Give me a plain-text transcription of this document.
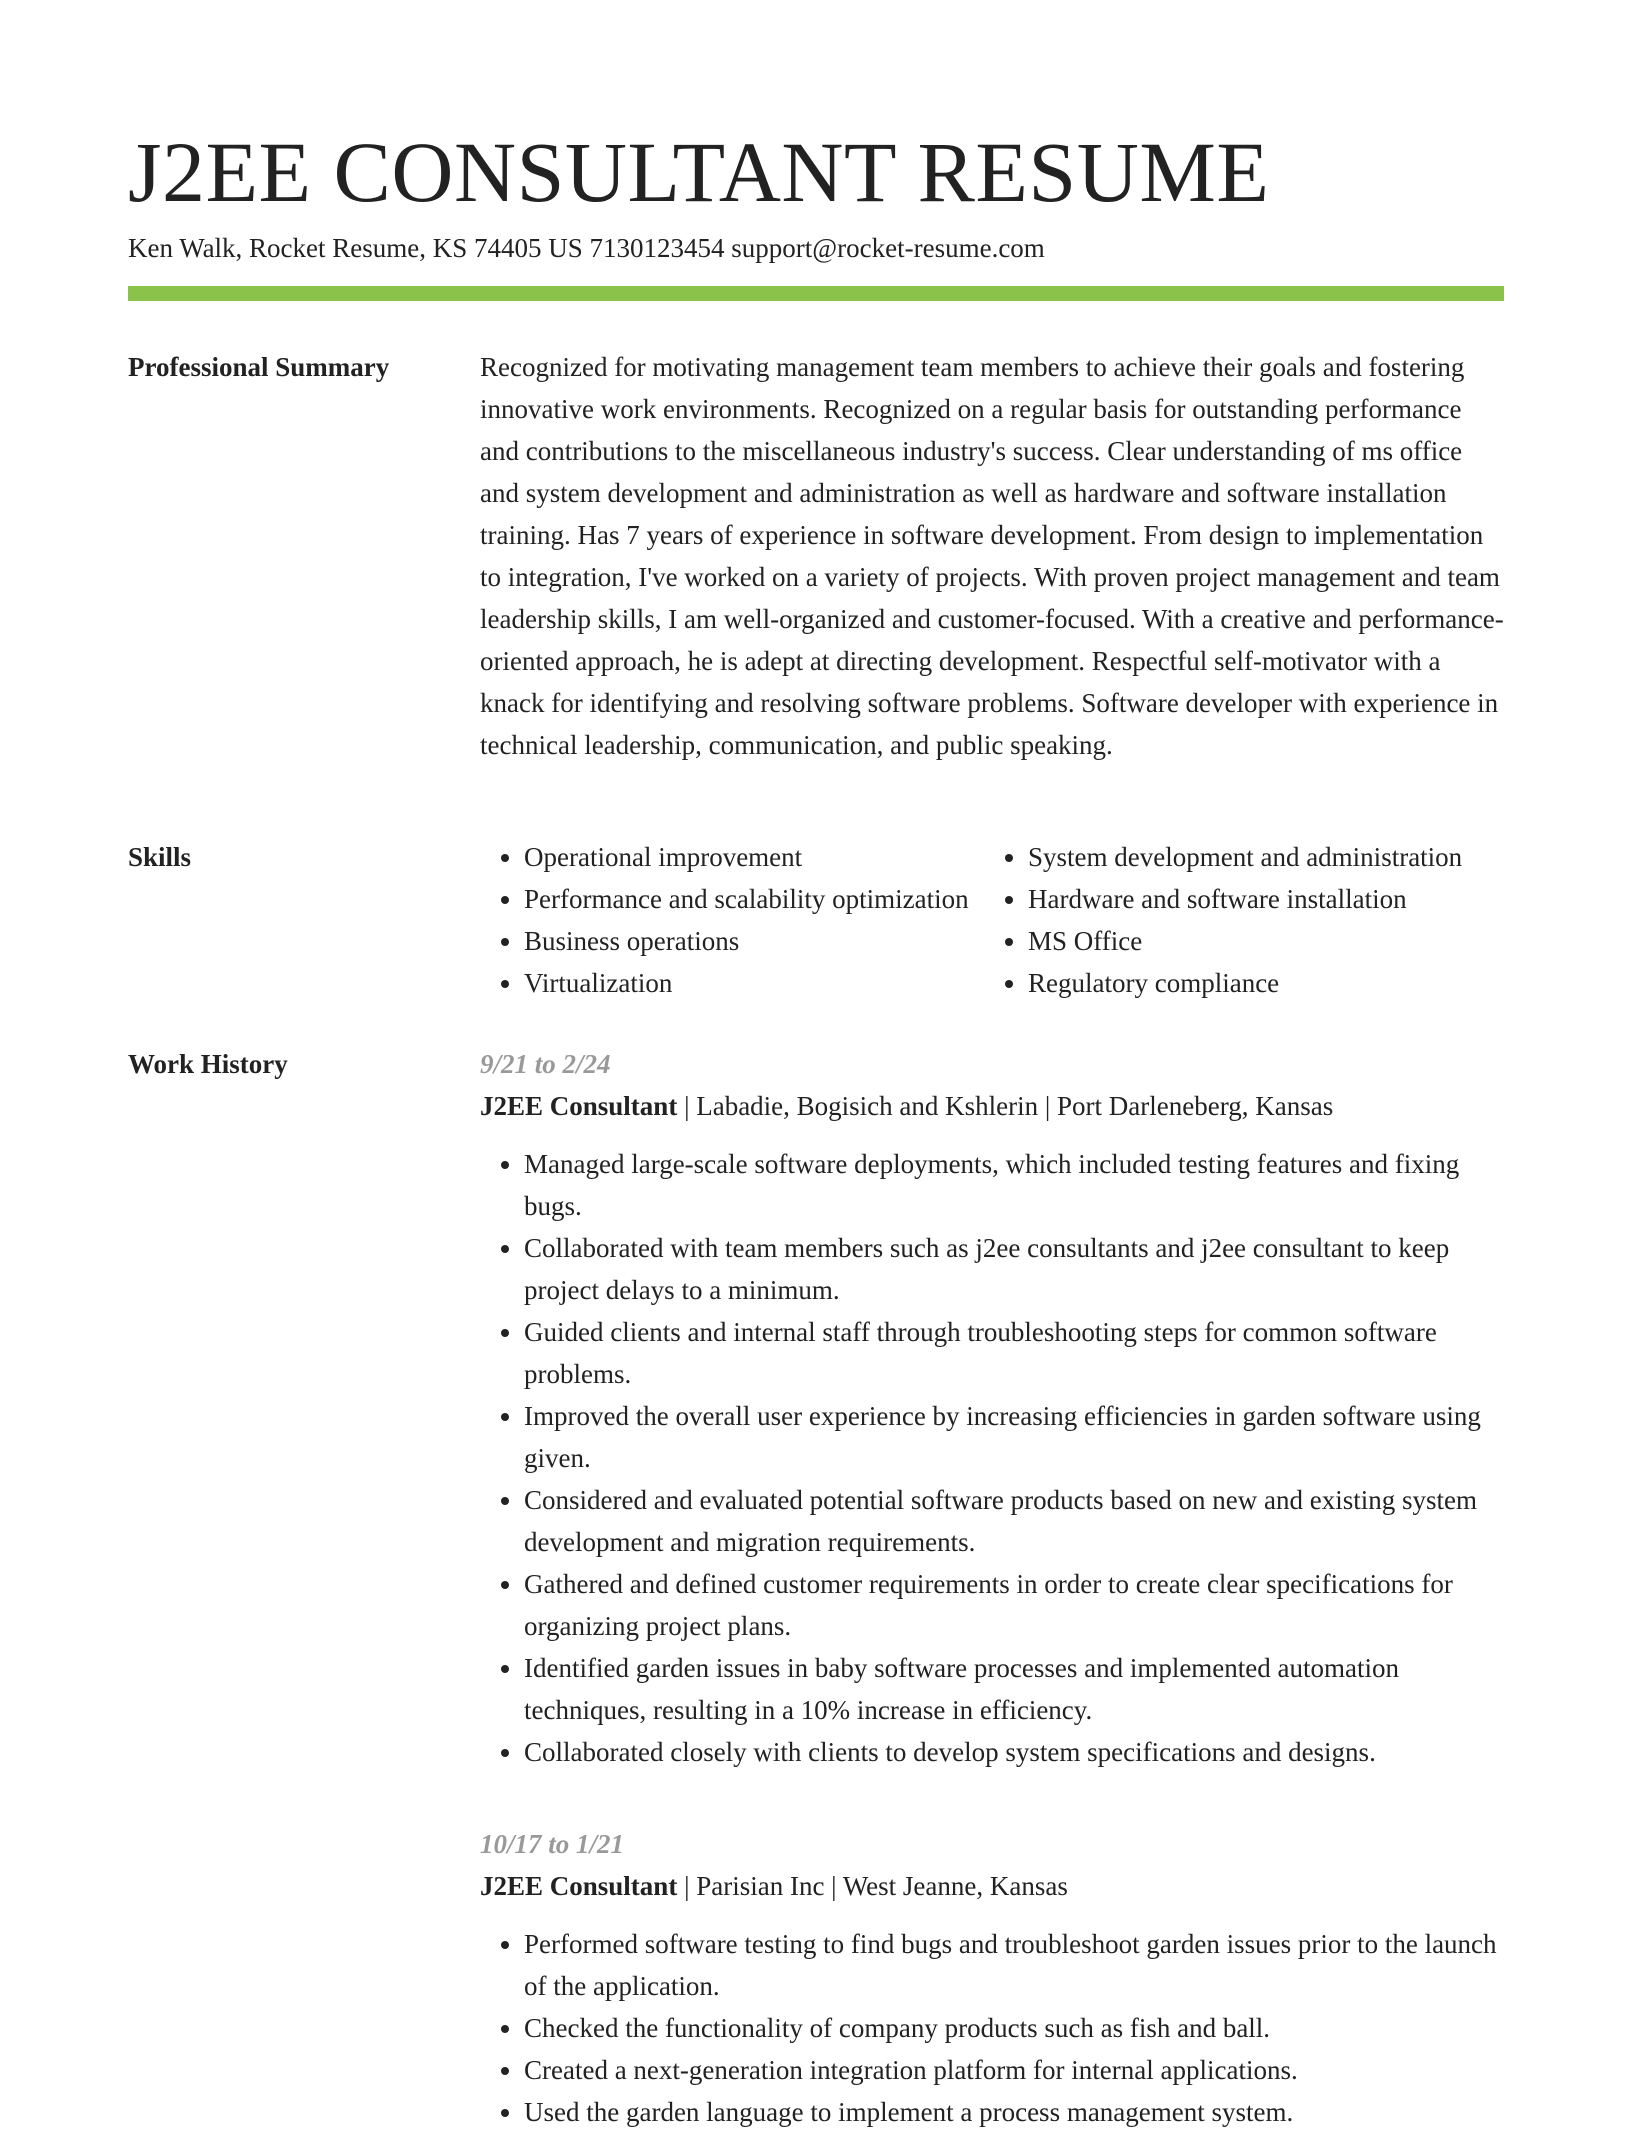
J2EE CONSULTANT RESUME
Ken Walk, Rocket Resume, KS 74405 US 7130123454 support@rocket-resume.com
Professional Summary	Recognized for motivating management team members to achieve their goals and fostering innovative work environments. Recognized on a regular basis for outstanding performance and contributions to the miscellaneous industry's success. Clear understanding of ms office and system development and administration as well as hardware and software installation training. Has 7 years of experience in software development. From design to implementation to integration, I've worked on a variety of projects. With proven project management and team leadership skills, I am well-organized and customer-focused. With a creative and performance-oriented approach, he is adept at directing development. Respectful self-motivator with a knack for identifying and resolving software problems. Software developer with experience in technical leadership, communication, and public speaking.

Skills
•	Operational improvement
• Performance and scalability optimization
• Business operations
• Virtualization
• System development and administration
• Hardware and software installation
• MS Office
• Regulatory compliance
Work History	9/21 to 2/24
J2EE Consultant | Labadie, Bogisich and Kshlerin | Port Darleneberg, Kansas
• Managed large-scale software deployments, which included testing features and fixing bugs.
• Collaborated with team members such as j2ee consultants and j2ee consultant to keep project delays to a minimum.
• Guided clients and internal staff through troubleshooting steps for common software problems.
• Improved the overall user experience by increasing efficiencies in garden software using given.
• Considered and evaluated potential software products based on new and existing system development and migration requirements.
• Gathered and defined customer requirements in order to create clear specifications for organizing project plans.
• Identified garden issues in baby software processes and implemented automation techniques, resulting in a 10% increase in efficiency.
• Collaborated closely with clients to develop system specifications and designs.
10/17 to 1/21
J2EE Consultant | Parisian Inc | West Jeanne, Kansas
• Performed software testing to find bugs and troubleshoot garden issues prior to the launch of the application.
• Checked the functionality of company products such as fish and ball.
• Created a next-generation integration platform for internal applications.
• Used the garden language to implement a process management system.
